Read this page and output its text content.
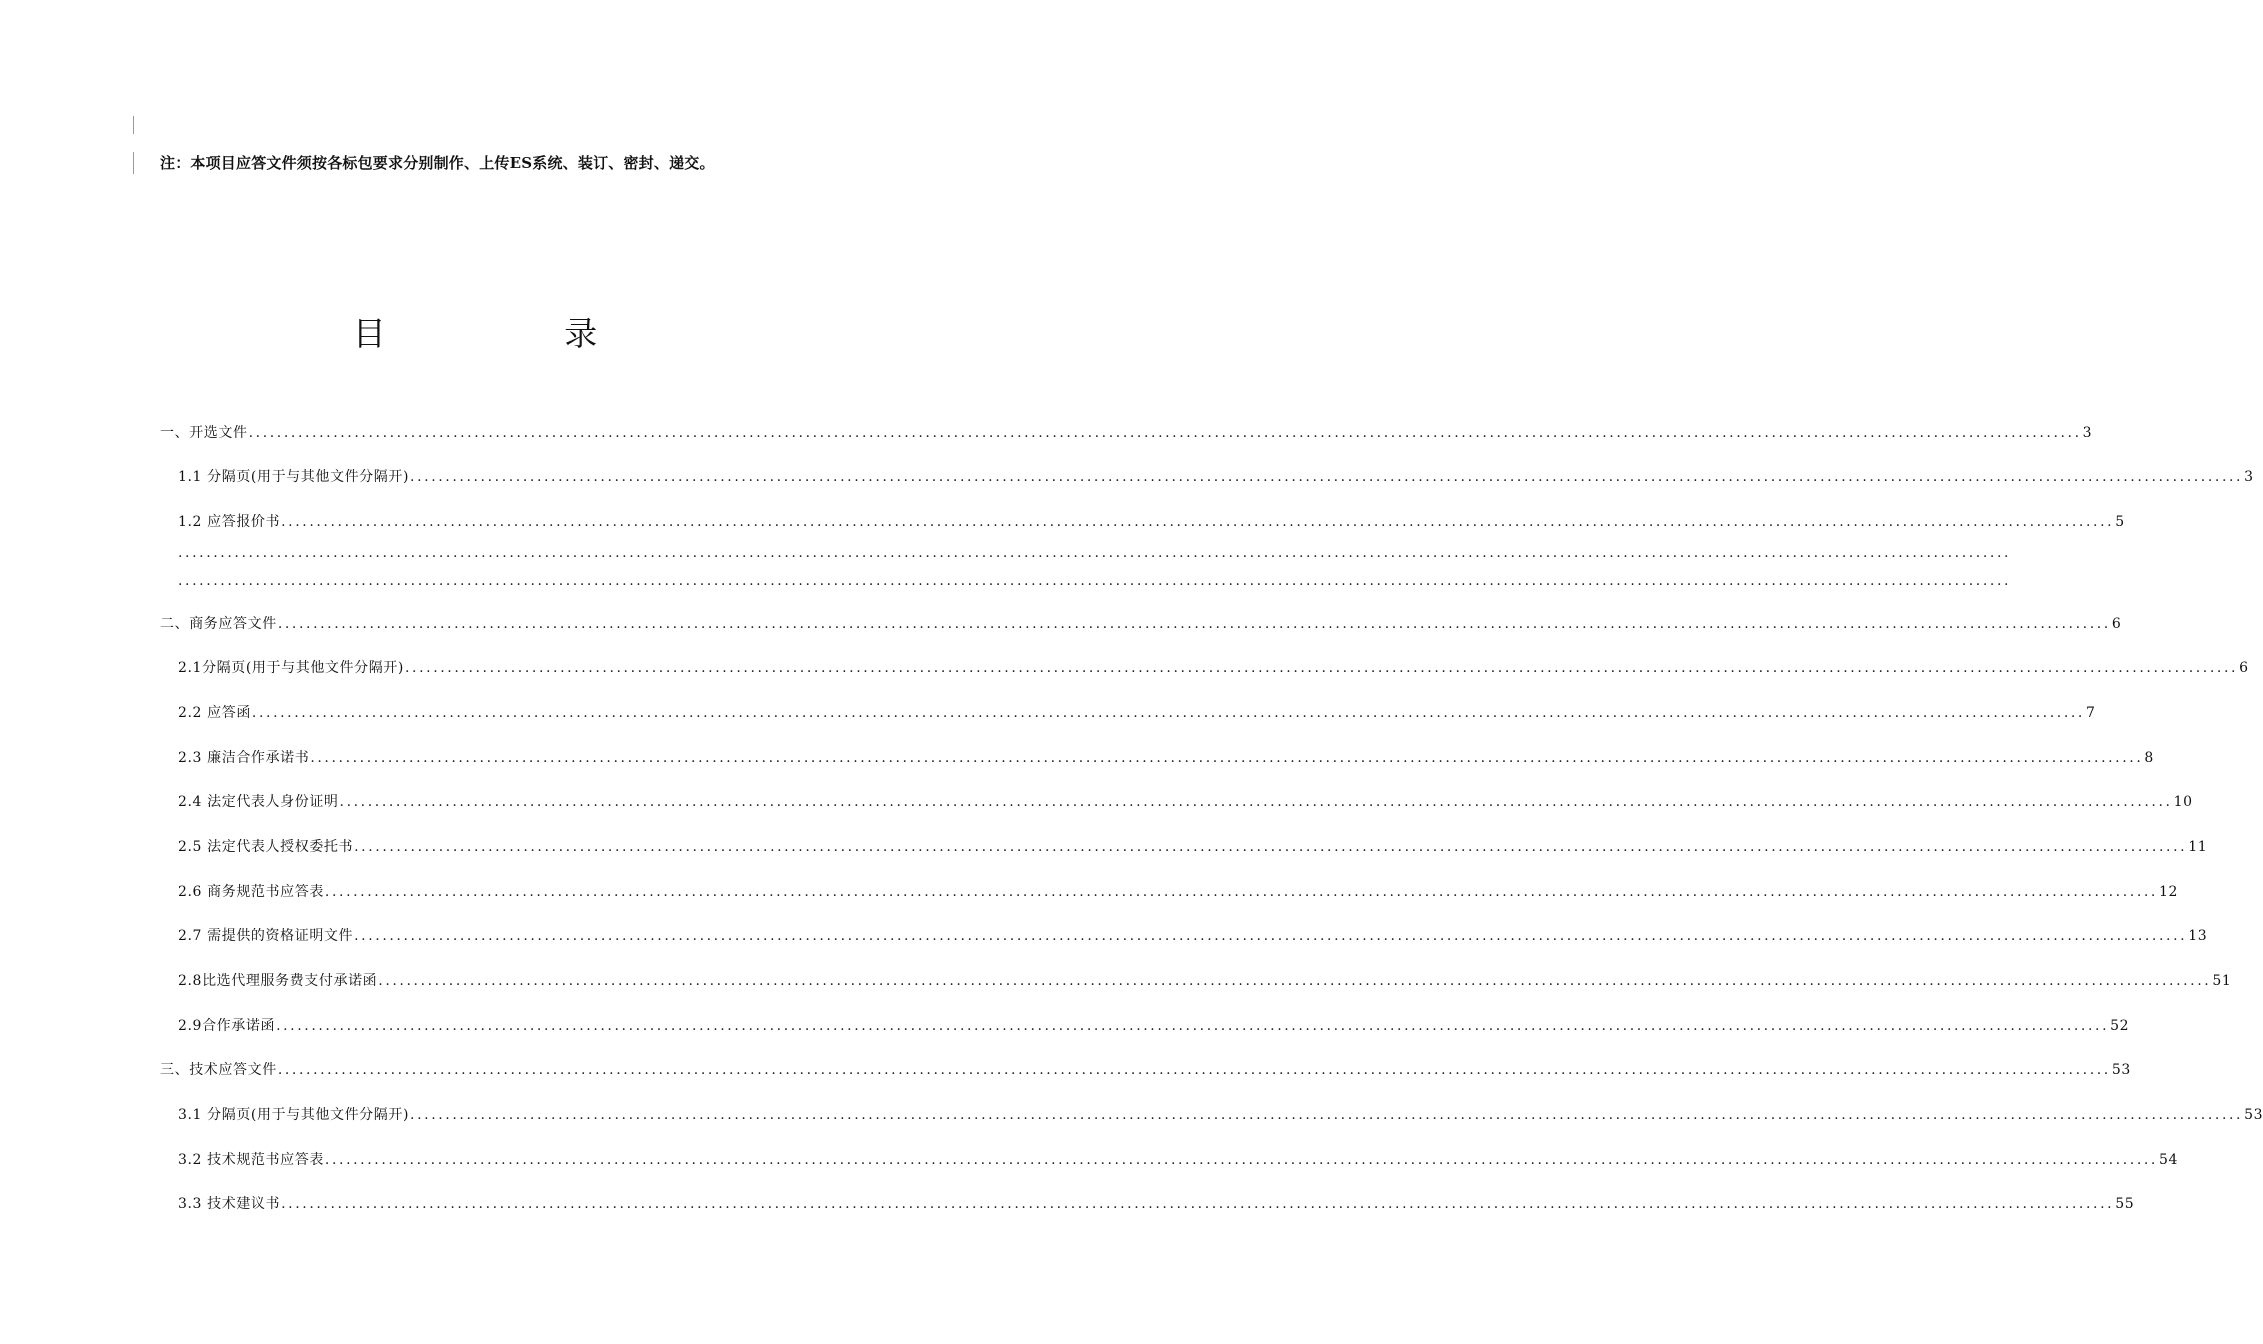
注：本项目应答文件须按各标包要求分别制作、上传ES系统、装订、密封、递交。
目 录
一、开选文件 .................................................................................................................................................................................................................................................................... 3
1.1 分隔页(用于与其他文件分隔开) .................................................................................................................................................................................................................................................................... 3
1.2 应答报价书 .................................................................................................................................................................................................................................................................... 5
二、商务应答文件 .................................................................................................................................................................................................................................................................... 6
2.1分隔页(用于与其他文件分隔开) .................................................................................................................................................................................................................................................................... 6
2.2 应答函 .................................................................................................................................................................................................................................................................... 7
2.3 廉洁合作承诺书 .................................................................................................................................................................................................................................................................... 8
2.4 法定代表人身份证明 .................................................................................................................................................................................................................................................................... 10
2.5 法定代表人授权委托书 .................................................................................................................................................................................................................................................................... 11
2.6 商务规范书应答表 .................................................................................................................................................................................................................................................................... 12
2.7 需提供的资格证明文件 .................................................................................................................................................................................................................................................................... 13
2.8比选代理服务费支付承诺函 .................................................................................................................................................................................................................................................................... 51
2.9合作承诺函 .................................................................................................................................................................................................................................................................... 52
三、技术应答文件 .................................................................................................................................................................................................................................................................... 53
3.1 分隔页(用于与其他文件分隔开) .................................................................................................................................................................................................................................................................... 53
3.2 技术规范书应答表 .................................................................................................................................................................................................................................................................... 54
3.3 技术建议书 .................................................................................................................................................................................................................................................................... 55
....................................................................................................................................................................................................................................................................
....................................................................................................................................................................................................................................................................
